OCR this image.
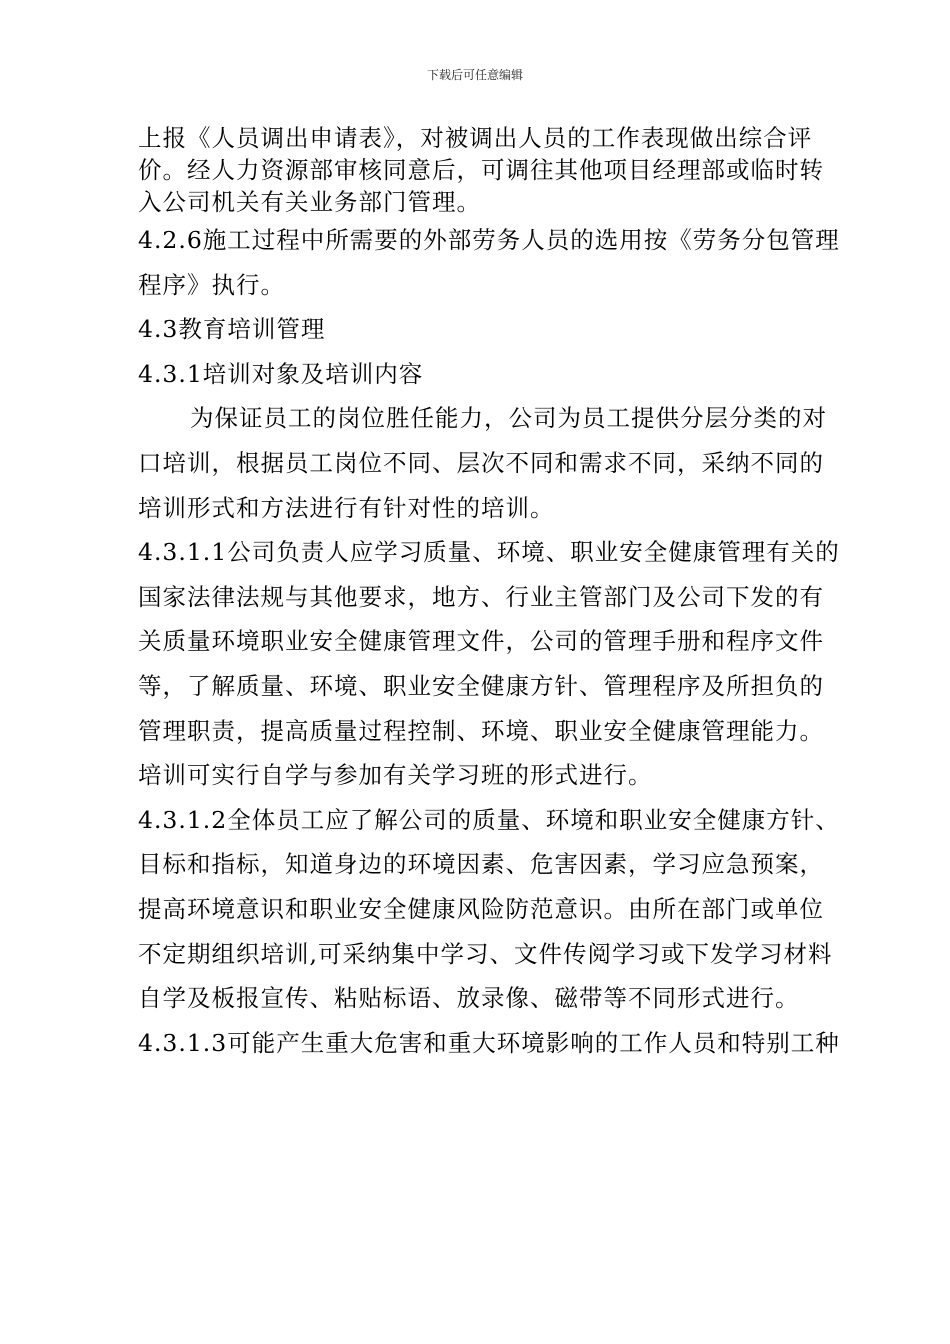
下载后可任意编辑

上报《人员调出申请表》，对被调出人员的工作表现做出综合评

价。经人力资源部审核同意后，可调往其他项目经理部或临时转

入公司机关有关业务部门管理。

4.2.6施工过程中所需要的外部劳务人员的选用按《劳务分包管理

程序》执行。

4.3教育培训管理

4.3.1培训对象及培训内容

为保证员工的岗位胜任能力，公司为员工提供分层分类的对

口培训，根据员工岗位不同、层次不同和需求不同，采纳不同的

培训形式和方法进行有针对性的培训。

4.3.1.1公司负责人应学习质量、环境、职业安全健康管理有关的

国家法律法规与其他要求，地方、行业主管部门及公司下发的有

关质量环境职业安全健康管理文件，公司的管理手册和程序文件

等，了解质量、环境、职业安全健康方针、管理程序及所担负的

管理职责，提高质量过程控制、环境、职业安全健康管理能力。

培训可实行自学与参加有关学习班的形式进行。

4.3.1.2全体员工应了解公司的质量、环境和职业安全健康方针、

目标和指标，知道身边的环境因素、危害因素，学习应急预案，

提高环境意识和职业安全健康风险防范意识。由所在部门或单位

不定期组织培训,可采纳集中学习、文件传阅学习或下发学习材料

自学及板报宣传、粘贴标语、放录像、磁带等不同形式进行。

4.3.1.3可能产生重大危害和重大环境影响的工作人员和特别工种
